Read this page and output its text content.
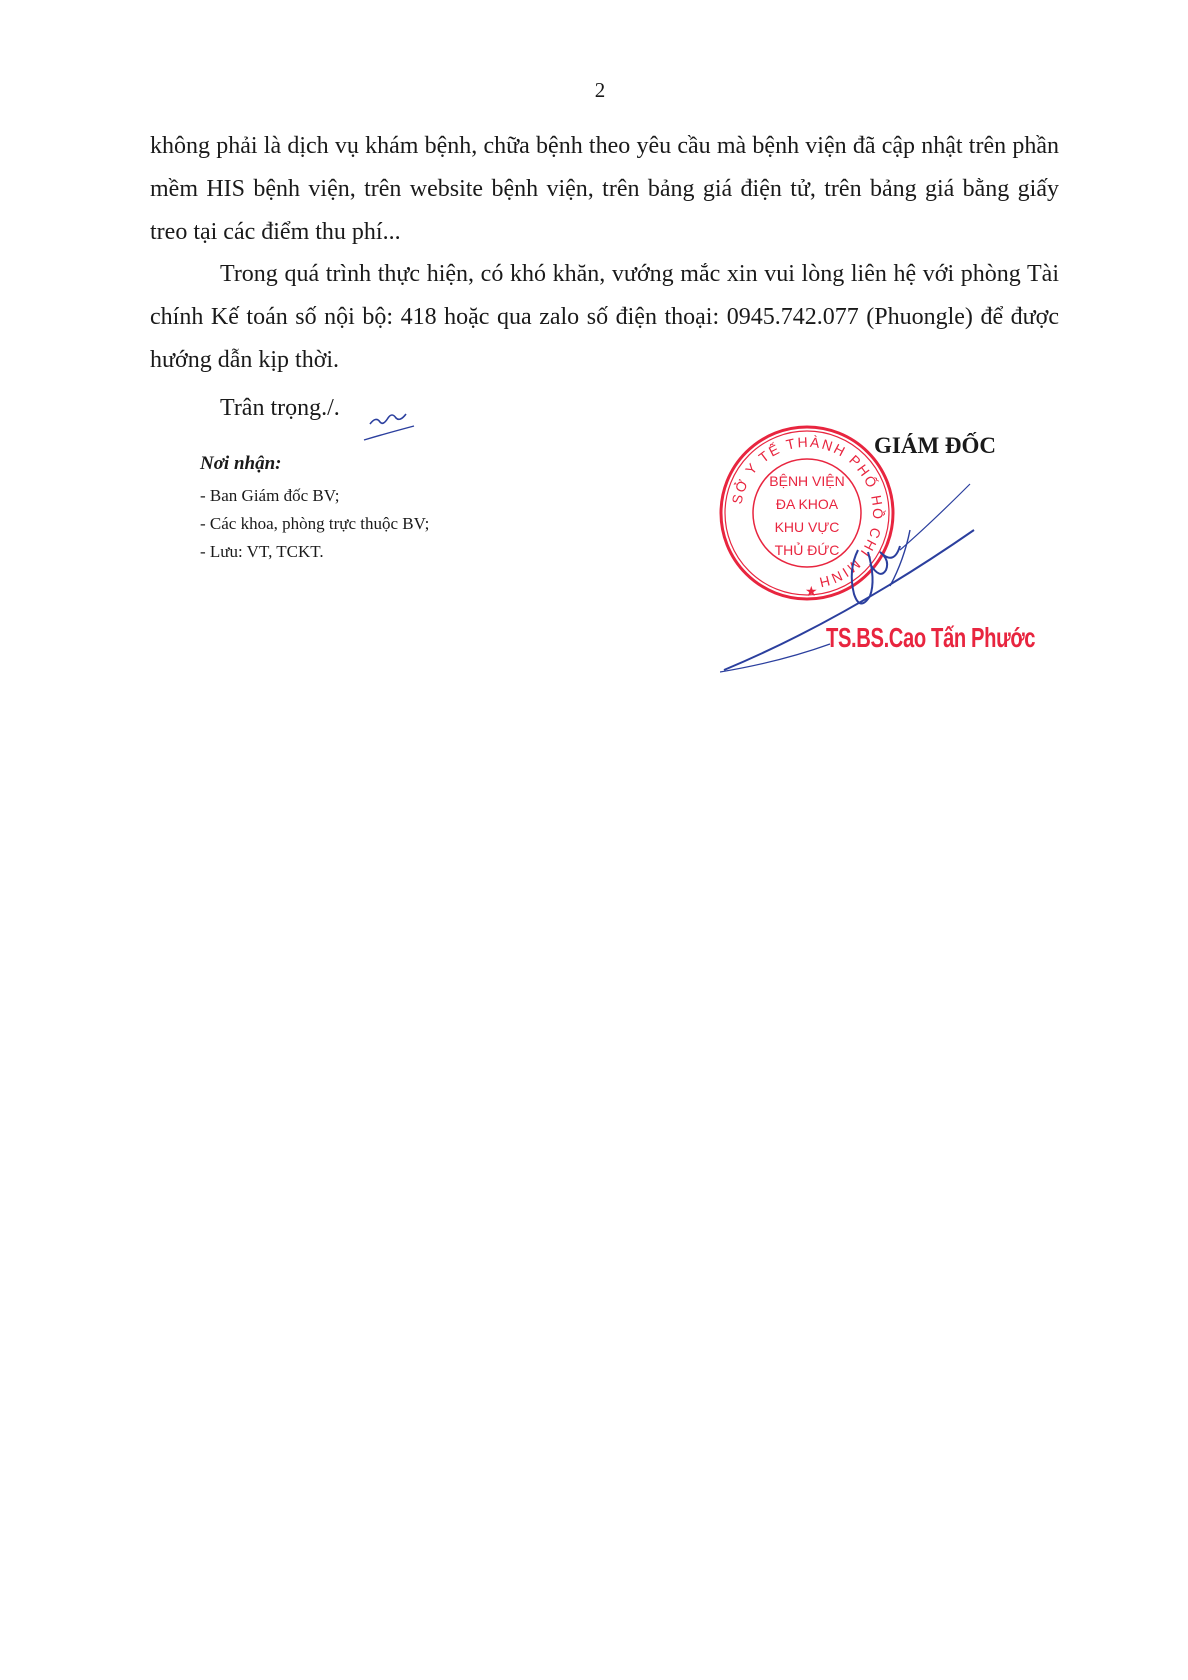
2

không phải là dịch vụ khám bệnh, chữa bệnh theo yêu cầu mà bệnh viện đã cập nhật trên phần mềm HIS bệnh viện, trên website bệnh viện, trên bảng giá điện tử, trên bảng giá bằng giấy treo tại các điểm thu phí...

Trong quá trình thực hiện, có khó khăn, vướng mắc xin vui lòng liên hệ với phòng Tài chính Kế toán số nội bộ: 418 hoặc qua zalo số điện thoại: 0945.742.077 (Phuongle) để được hướng dẫn kịp thời.

Trân trọng./.
Nơi nhận:
- Ban Giám đốc BV;
- Các khoa, phòng trực thuộc BV;
- Lưu: VT, TCKT.
GIÁM ĐỐC
SỞ Y TẾ THÀNH PHỐ HỒ CHÍ MINH
BỆNH VIỆN
ĐA KHOA
KHU VỰC
THỦ ĐỨC
★
TS.BS.Cao Tấn Phước
